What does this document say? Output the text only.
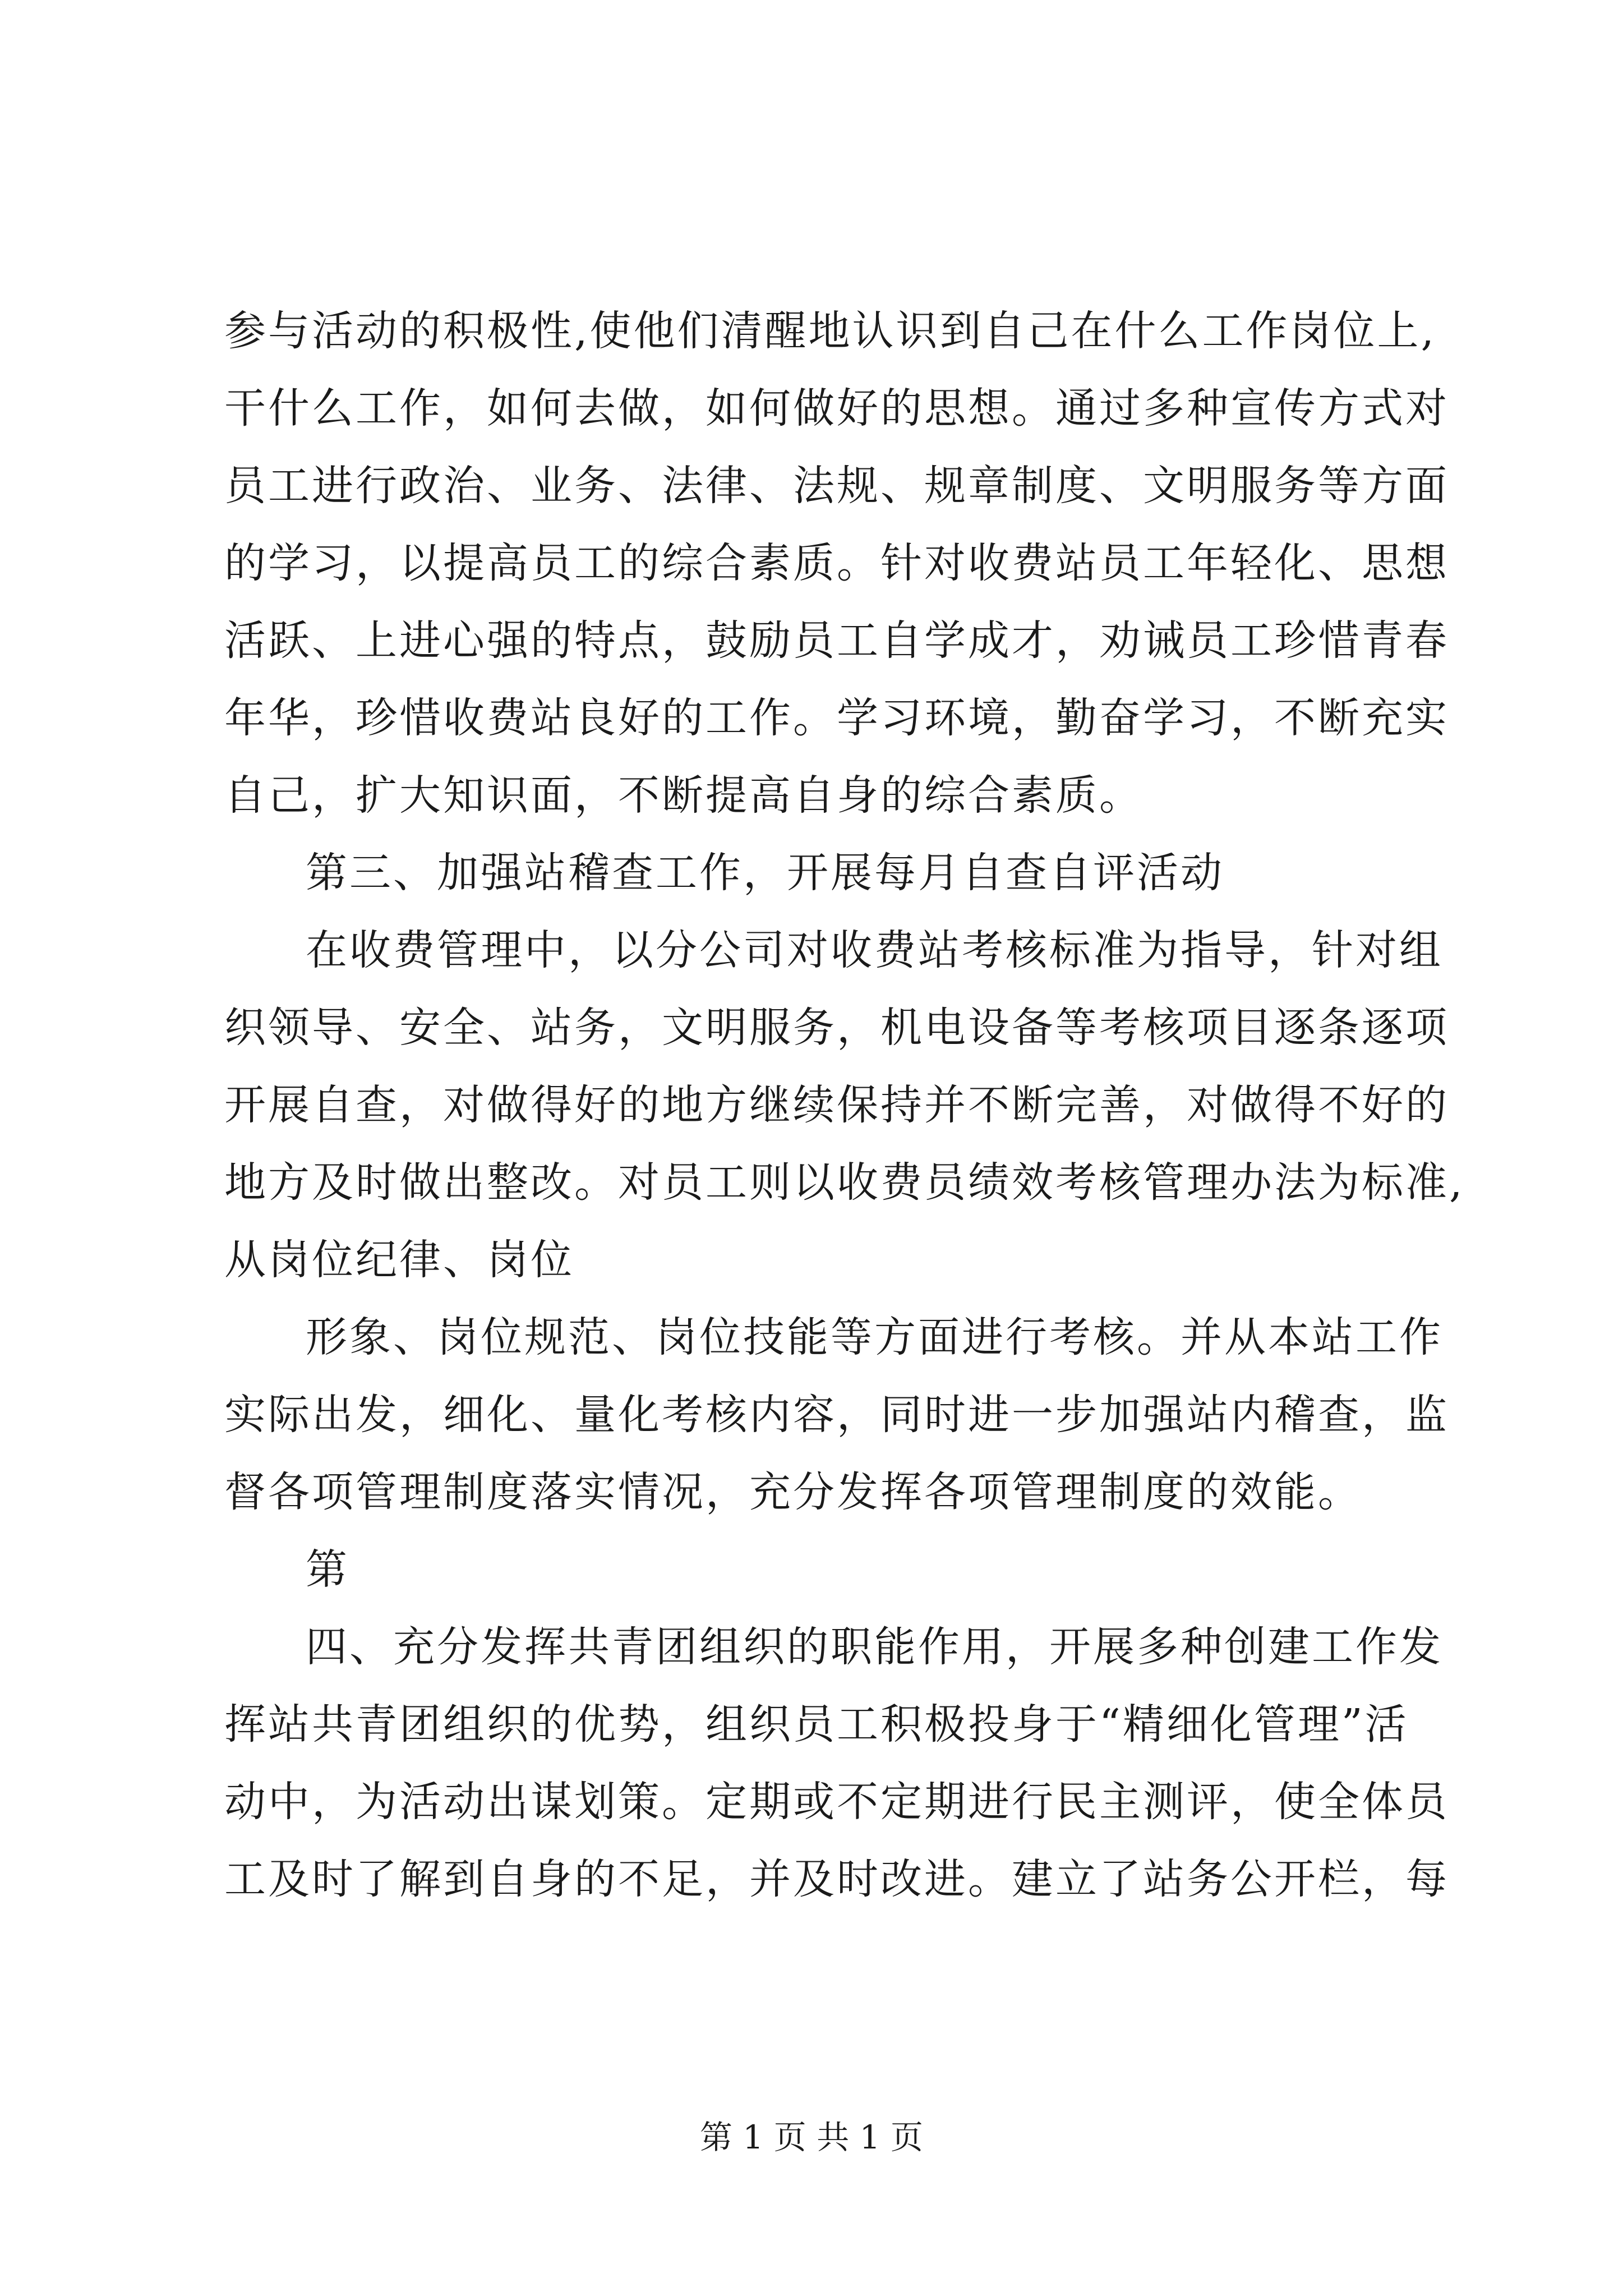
参与活动的积极性,使他们清醒地认识到自己在什么工作岗位上,
干什么工作，如何去做，如何做好的思想。通过多种宣传方式对
员工进行政治、业务、法律、法规、规章制度、文明服务等方面
的学习，以提高员工的综合素质。针对收费站员工年轻化、思想
活跃、上进心强的特点，鼓励员工自学成才，劝诫员工珍惜青春
年华，珍惜收费站良好的工作。学习环境，勤奋学习，不断充实
自己，扩大知识面，不断提高自身的综合素质。
第三、加强站稽查工作，开展每月自查自评活动
在收费管理中，以分公司对收费站考核标准为指导，针对组
织领导、安全、站务，文明服务，机电设备等考核项目逐条逐项
开展自查，对做得好的地方继续保持并不断完善，对做得不好的
地方及时做出整改。对员工则以收费员绩效考核管理办法为标准,
从岗位纪律、岗位
形象、岗位规范、岗位技能等方面进行考核。并从本站工作
实际出发，细化、量化考核内容，同时进一步加强站内稽查，监
督各项管理制度落实情况，充分发挥各项管理制度的效能。
第
四、充分发挥共青团组织的职能作用，开展多种创建工作发
挥站共青团组织的优势，组织员工积极投身于“精细化管理”活
动中，为活动出谋划策。定期或不定期进行民主测评，使全体员
工及时了解到自身的不足，并及时改进。建立了站务公开栏，每
第 1 页 共 1 页
